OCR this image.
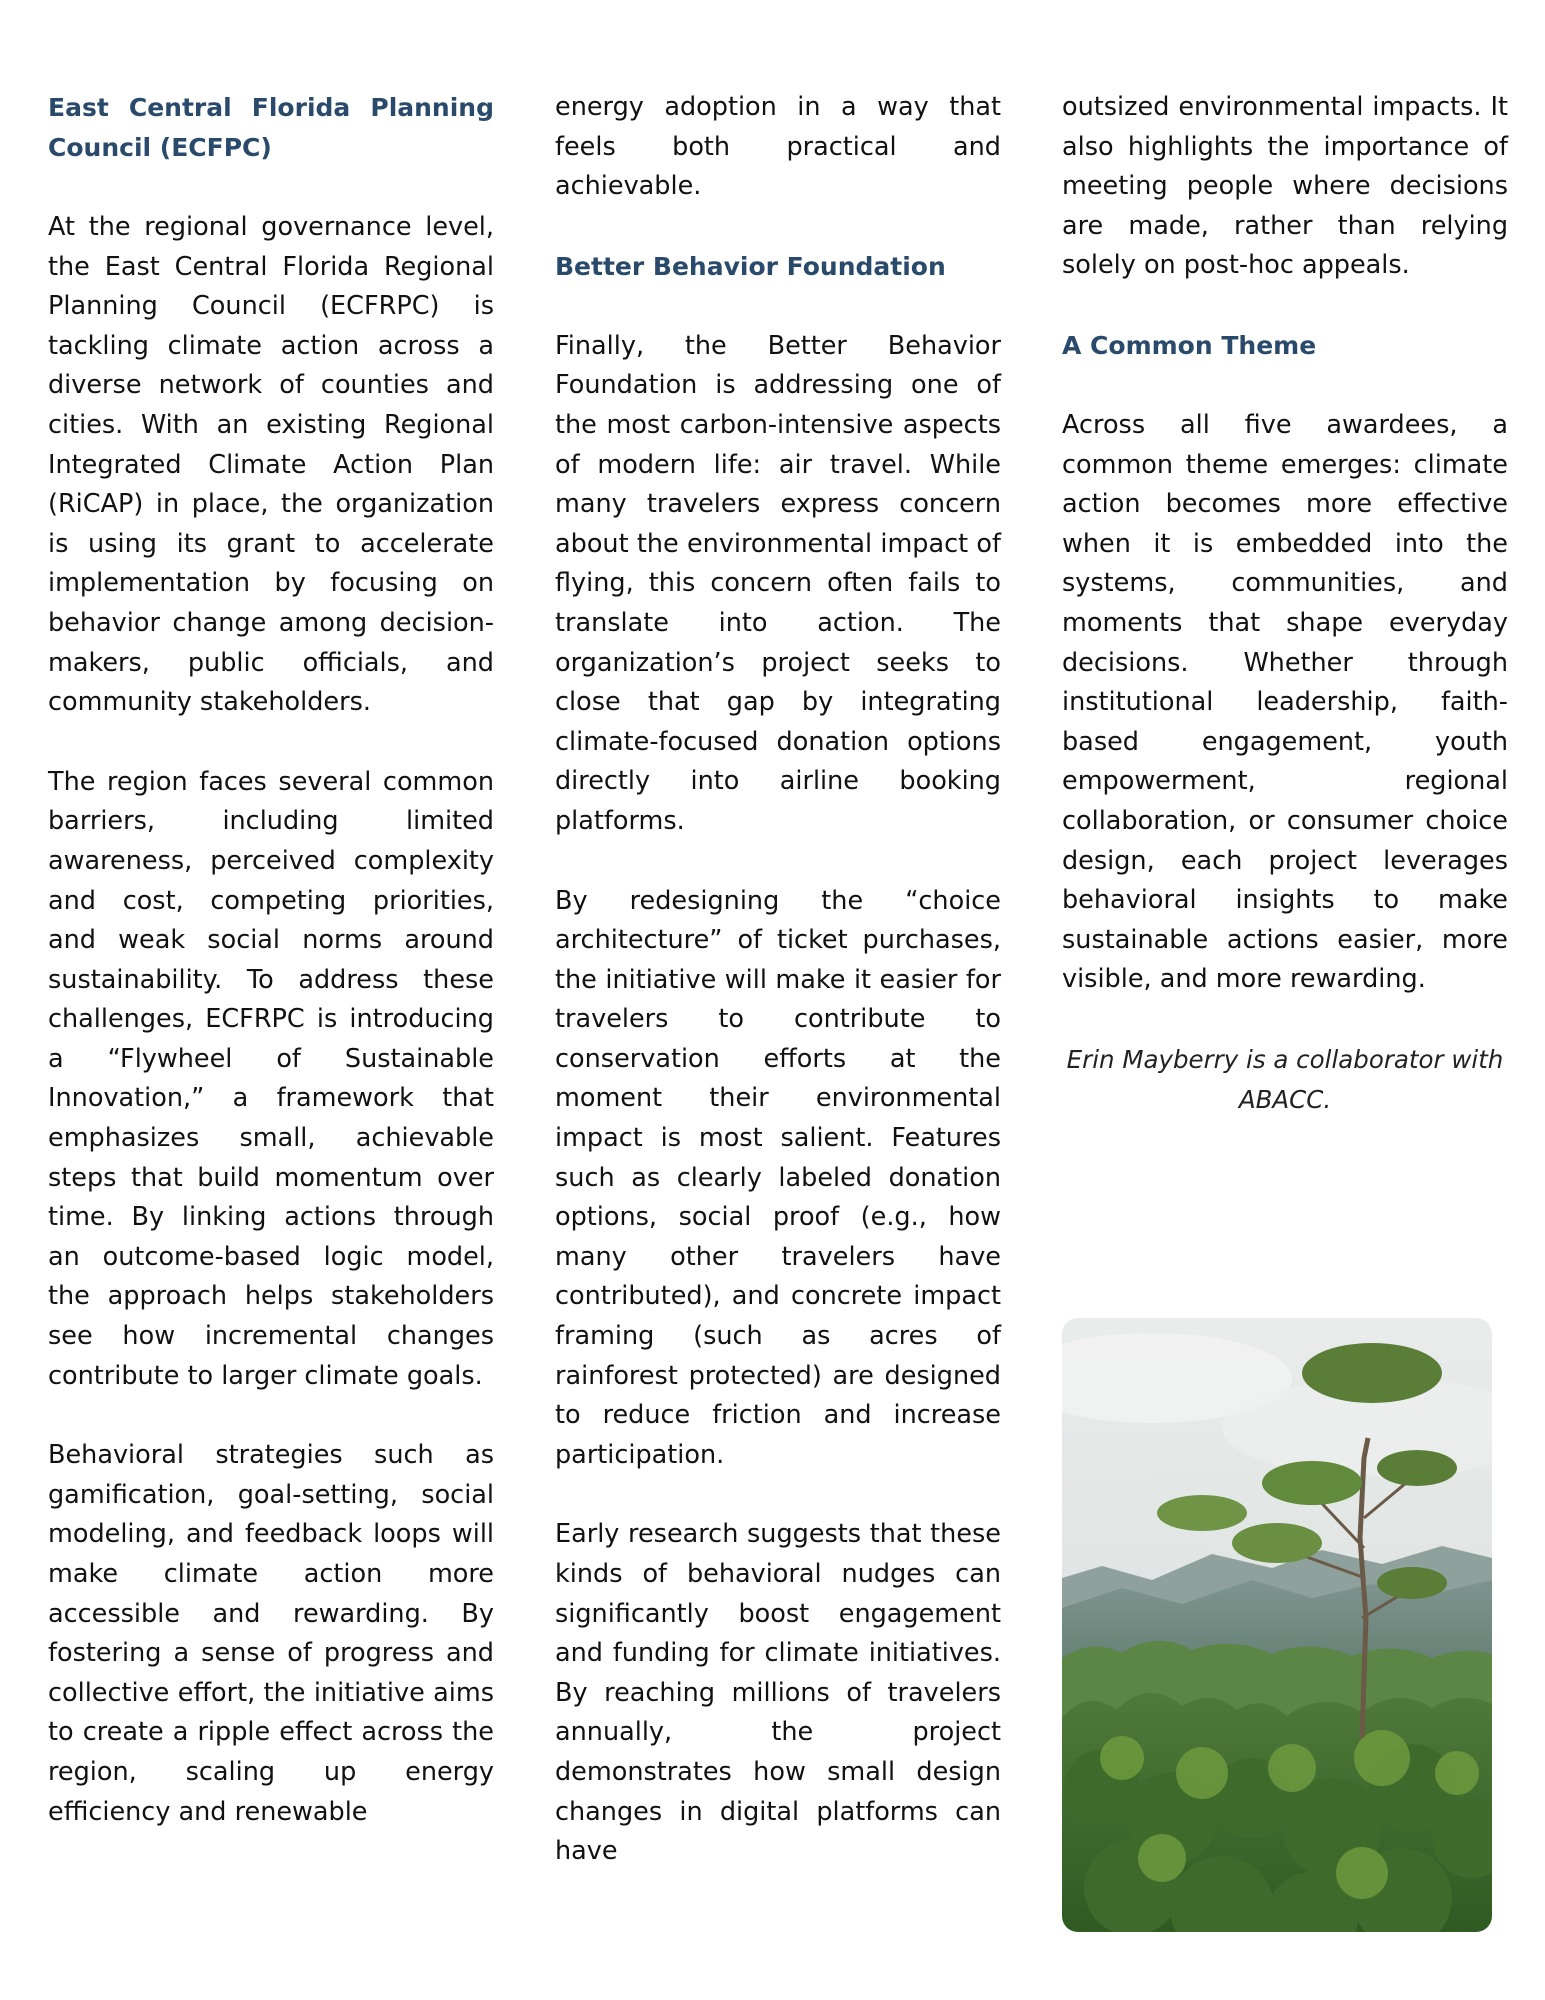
East Central Florida Planning Council (ECFPC)

At the regional governance level, the East Central Florida Regional Planning Council (ECFRPC) is tackling climate action across a diverse network of counties and cities. With an existing Regional Integrated Climate Action Plan (RiCAP) in place, the organization is using its grant to accelerate implementation by focusing on behavior change among decision-makers, public officials, and community stakeholders.

The region faces several common barriers, including limited awareness, perceived complexity and cost, competing priorities, and weak social norms around sustainability. To address these challenges, ECFRPC is introducing a “Flywheel of Sustainable Innovation,” a framework that emphasizes small, achievable steps that build momentum over time. By linking actions through an outcome-based logic model, the approach helps stakeholders see how incremental changes contribute to larger climate goals.

Behavioral strategies such as gamification, goal-setting, social modeling, and feedback loops will make climate action more accessible and rewarding. By fostering a sense of progress and collective effort, the initiative aims to create a ripple effect across the region, scaling up energy efficiency and renewable

energy adoption in a way that feels both practical and achievable.

Better Behavior Foundation

Finally, the Better Behavior Foundation is addressing one of the most carbon-intensive aspects of modern life: air travel. While many travelers express concern about the environmental impact of flying, this concern often fails to translate into action. The organization’s project seeks to close that gap by integrating climate-focused donation options directly into airline booking platforms.

By redesigning the “choice architecture” of ticket purchases, the initiative will make it easier for travelers to contribute to conservation efforts at the moment their environmental impact is most salient. Features such as clearly labeled donation options, social proof (e.g., how many other travelers have contributed), and concrete impact framing (such as acres of rainforest protected) are designed to reduce friction and increase participation.

Early research suggests that these kinds of behavioral nudges can significantly boost engagement and funding for climate initiatives. By reaching millions of travelers annually, the project demonstrates how small design changes in digital platforms can have

outsized environmental impacts. It also highlights the importance of meeting people where decisions are made, rather than relying solely on post-hoc appeals.

A Common Theme

Across all five awardees, a common theme emerges: climate action becomes more effective when it is embedded into the systems, communities, and moments that shape everyday decisions. Whether through institutional leadership, faith-based engagement, youth empowerment, regional collaboration, or consumer choice design, each project leverages behavioral insights to make sustainable actions easier, more visible, and more rewarding.

Erin Mayberry is a collaborator with ABACC.
